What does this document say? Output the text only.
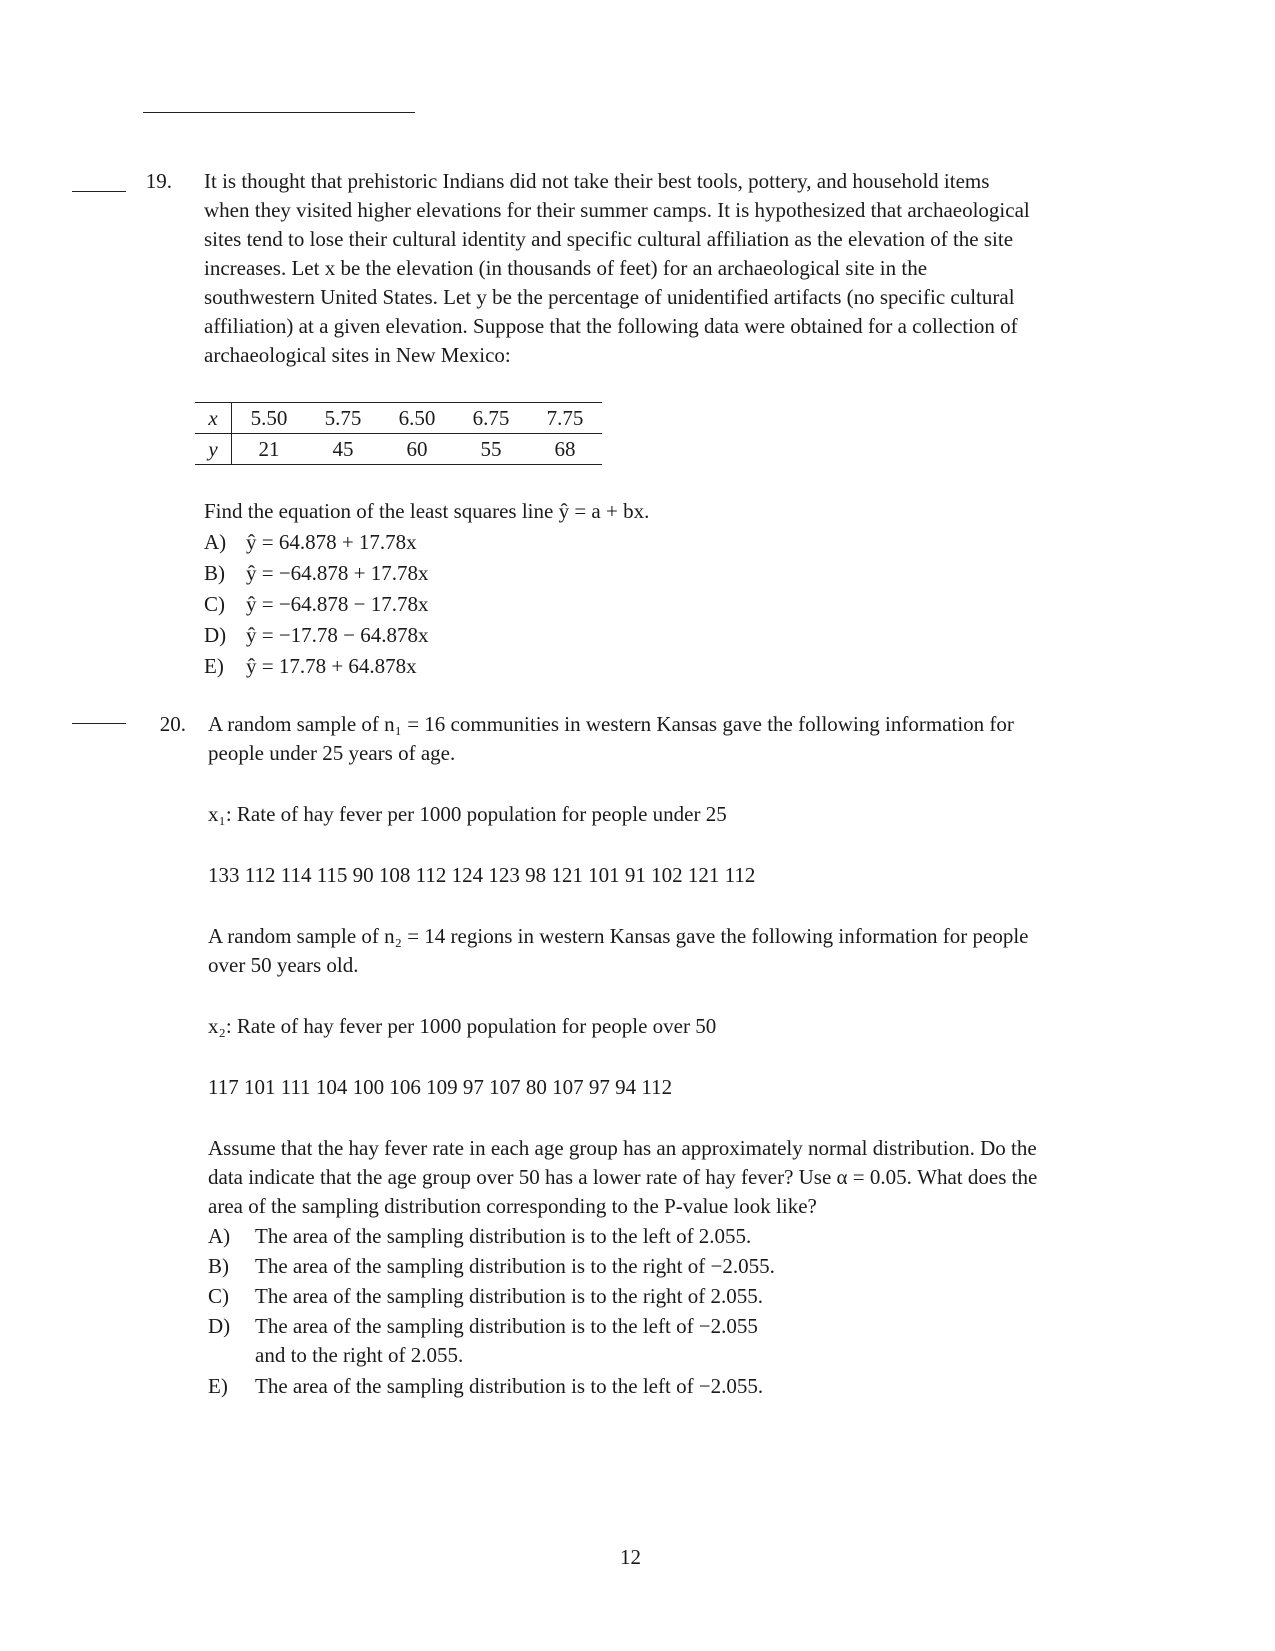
19. It is thought that prehistoric Indians did not take their best tools, pottery, and household items
when they visited higher elevations for their summer camps. It is hypothesized that archaeological
sites tend to lose their cultural identity and specific cultural affiliation as the elevation of the site
increases. Let x be the elevation (in thousands of feet) for an archaeological site in the
southwestern United States. Let y be the percentage of unidentified artifacts (no specific cultural
affiliation) at a given elevation. Suppose that the following data were obtained for a collection of
archaeological sites in New Mexico:
x	5.50	5.75	6.50	6.75	7.75
y	21	45	60	55	68
Find the equation of the least squares line ŷ = a + bx.
A) ŷ = 64.878 + 17.78x
B) ŷ = −64.878 + 17.78x
C) ŷ = −64.878 − 17.78x
D) ŷ = −17.78 − 64.878x
E) ŷ = 17.78 + 64.878x
20. A random sample of n₁ = 16 communities in western Kansas gave the following information for
people under 25 years of age.
x₁: Rate of hay fever per 1000 population for people under 25
133 112 114 115 90 108 112 124 123 98 121 101 91 102 121 112
A random sample of n₂ = 14 regions in western Kansas gave the following information for people
over 50 years old.
x₂: Rate of hay fever per 1000 population for people over 50
117 101 111 104 100 106 109 97 107 80 107 97 94 112
Assume that the hay fever rate in each age group has an approximately normal distribution. Do the
data indicate that the age group over 50 has a lower rate of hay fever? Use α = 0.05. What does the
area of the sampling distribution corresponding to the P-value look like?
A) The area of the sampling distribution is to the left of 2.055.
B) The area of the sampling distribution is to the right of −2.055.
C) The area of the sampling distribution is to the right of 2.055.
D) The area of the sampling distribution is to the left of −2.055
and to the right of 2.055.
E) The area of the sampling distribution is to the left of −2.055.
12
